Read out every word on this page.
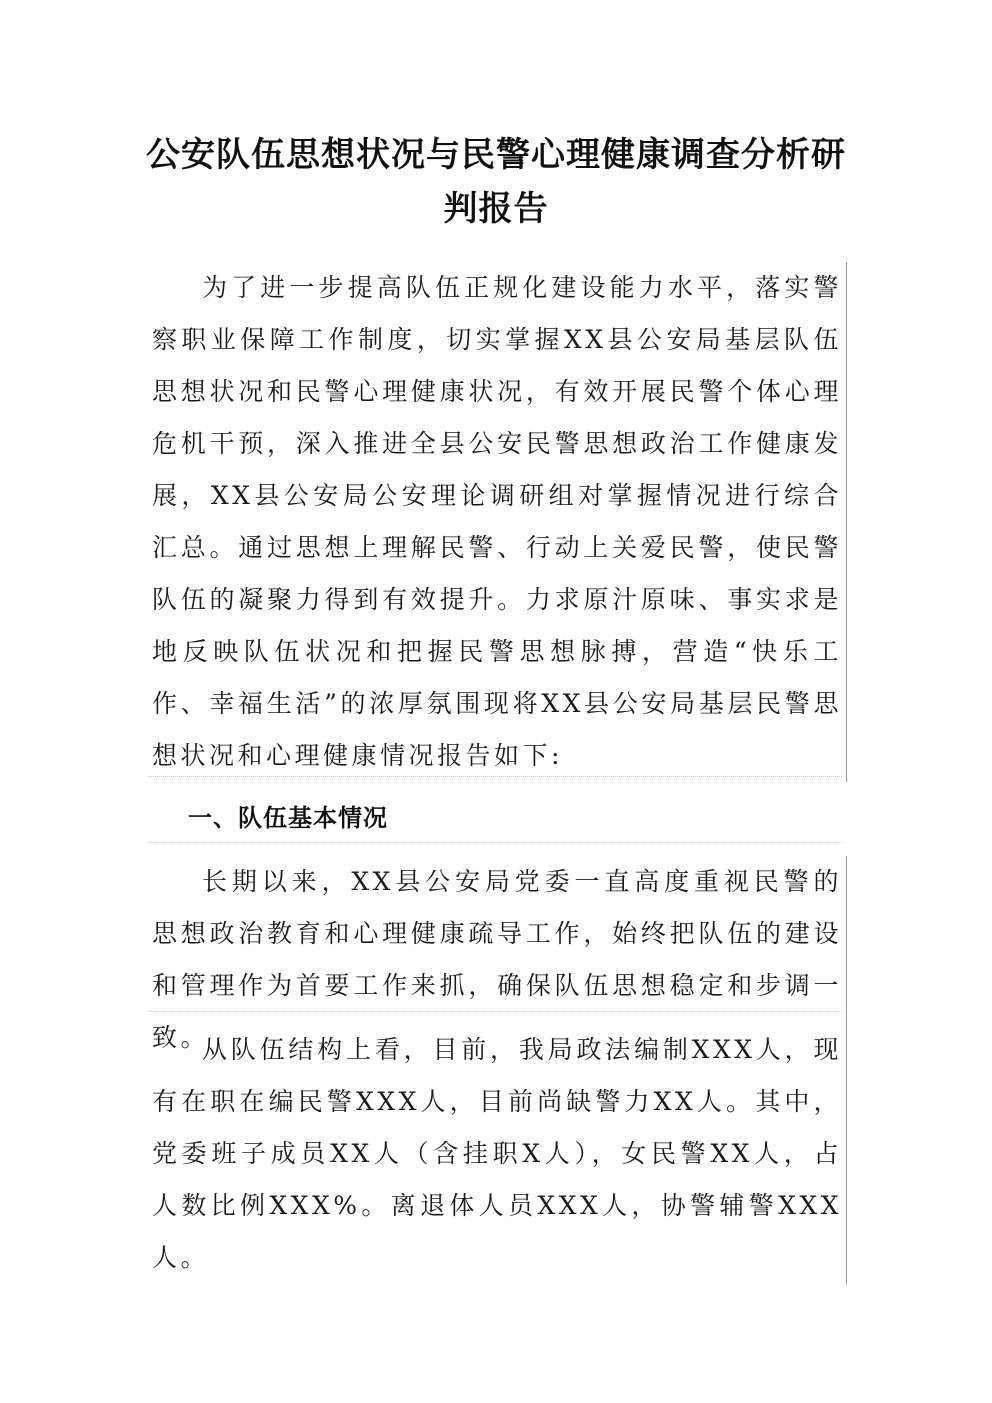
公安队伍思想状况与民警心理健康调查分析研判报告

为了进一步提高队伍正规化建设能力水平，落实警察职业保障工作制度，切实掌握XX县公安局基层队伍思想状况和民警心理健康状况，有效开展民警个体心理危机干预，深入推进全县公安民警思想政治工作健康发展，XX县公安局公安理论调研组对掌握情况进行综合汇总。通过思想上理解民警、行动上关爱民警，使民警队伍的凝聚力得到有效提升。力求原汁原味、事实求是地反映队伍状况和把握民警思想脉搏，营造“快乐工作、幸福生活”的浓厚氛围现将XX县公安局基层民警思想状况和心理健康情况报告如下:

一、队伍基本情况

长期以来，XX县公安局党委一直高度重视民警的思想政治教育和心理健康疏导工作，始终把队伍的建设和管理作为首要工作来抓，确保队伍思想稳定和步调一致。

从队伍结构上看，目前，我局政法编制XXX人，现有在职在编民警XXX人，目前尚缺警力XX人。其中，党委班子成员XX人（含挂职X人），女民警XX人，占人数比例XXX%。离退体人员XXX人，协警辅警XXX人。
